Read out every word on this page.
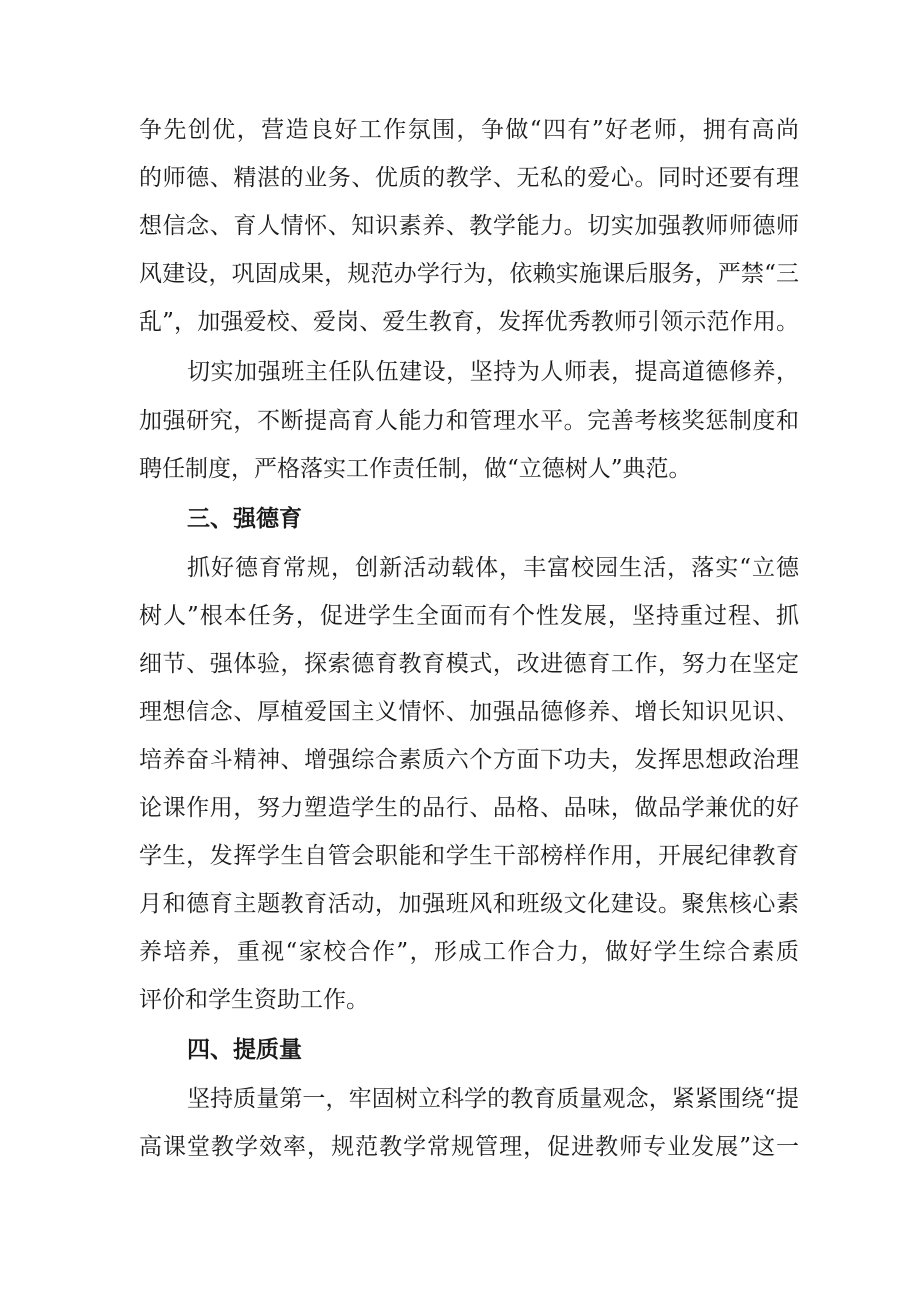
争先创优，营造良好工作氛围，争做“四有”好老师，拥有高尚
的师德、精湛的业务、优质的教学、无私的爱心。同时还要有理
想信念、育人情怀、知识素养、教学能力。切实加强教师师德师
风建设，巩固成果，规范办学行为，依赖实施课后服务，严禁“三
乱”，加强爱校、爱岗、爱生教育，发挥优秀教师引领示范作用。
切实加强班主任队伍建设，坚持为人师表，提高道德修养，
加强研究，不断提高育人能力和管理水平。完善考核奖惩制度和
聘任制度，严格落实工作责任制，做“立德树人”典范。
三、强德育
抓好德育常规，创新活动载体，丰富校园生活，落实“立德
树人”根本任务，促进学生全面而有个性发展，坚持重过程、抓
细节、强体验，探索德育教育模式，改进德育工作，努力在坚定
理想信念、厚植爱国主义情怀、加强品德修养、增长知识见识、
培养奋斗精神、增强综合素质六个方面下功夫，发挥思想政治理
论课作用，努力塑造学生的品行、品格、品味，做品学兼优的好
学生，发挥学生自管会职能和学生干部榜样作用，开展纪律教育
月和德育主题教育活动，加强班风和班级文化建设。聚焦核心素
养培养，重视“家校合作”，形成工作合力，做好学生综合素质
评价和学生资助工作。
四、提质量
坚持质量第一，牢固树立科学的教育质量观念，紧紧围绕“提
高课堂教学效率，规范教学常规管理，促进教师专业发展”这一
